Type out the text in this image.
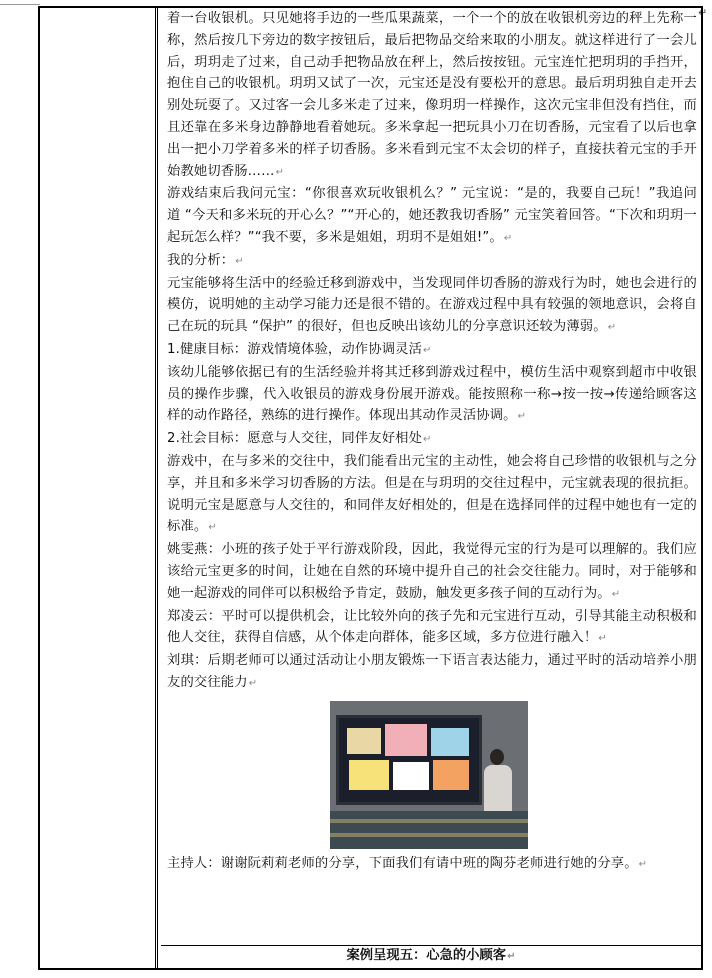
↵

着一台收银机。只见她将手边的一些瓜果蔬菜，一个一个的放在收银机旁边的秤上先称一称，然后按几下旁边的数字按钮后，最后把物品交给来取的小朋友。就这样进行了一会儿后，玥玥走了过来，自己动手把物品放在秤上，然后按按钮。元宝连忙把玥玥的手挡开，抱住自己的收银机。玥玥又试了一次，元宝还是没有要松开的意思。最后玥玥独自走开去别处玩耍了。又过客一会儿多米走了过来，像玥玥一样操作，这次元宝非但没有挡住，而且还靠在多米身边静静地看着她玩。多米拿起一把玩具小刀在切香肠，元宝看了以后也拿出一把小刀学着多米的样子切香肠。多米看到元宝不太会切的样子，直接扶着元宝的手开始教她切香肠……↵

游戏结束后我问元宝：“你很喜欢玩收银机么？” 元宝说：“是的，我要自己玩！”我追问道 “今天和多米玩的开心么？”“开心的，她还教我切香肠” 元宝笑着回答。“下次和玥玥一起玩怎么样？”“我不要，多米是姐姐，玥玥不是姐姐!”。↵

我的分析：↵

元宝能够将生活中的经验迁移到游戏中，当发现同伴切香肠的游戏行为时，她也会进行的模仿，说明她的主动学习能力还是很不错的。在游戏过程中具有较强的领地意识，会将自己在玩的玩具 “保护” 的很好，但也反映出该幼儿的分享意识还较为薄弱。↵

1.健康目标：游戏情境体验，动作协调灵活↵

该幼儿能够依据已有的生活经验并将其迁移到游戏过程中，模仿生活中观察到超市中收银员的操作步骤，代入收银员的游戏身份展开游戏。能按照称一称→按一按→传递给顾客这样的动作路径，熟练的进行操作。体现出其动作灵活协调。↵

2.社会目标：愿意与人交往，同伴友好相处↵

游戏中，在与多米的交往中，我们能看出元宝的主动性，她会将自己珍惜的收银机与之分享，并且和多米学习切香肠的方法。但是在与玥玥的交往过程中，元宝就表现的很抗拒。说明元宝是愿意与人交往的，和同伴友好相处的，但是在选择同伴的过程中她也有一定的标准。↵

姚雯燕：小班的孩子处于平行游戏阶段，因此，我觉得元宝的行为是可以理解的。我们应该给元宝更多的时间，让她在自然的环境中提升自己的社会交往能力。同时，对于能够和她一起游戏的同伴可以积极给予肯定，鼓励，触发更多孩子间的互动行为。↵

郑凌云：平时可以提供机会，让比较外向的孩子先和元宝进行互动，引导其能主动积极和他人交往，获得自信感，从个体走向群体，能多区域，多方位进行融入！↵

刘琪：后期老师可以通过活动让小朋友锻炼一下语言表达能力，通过平时的活动培养小朋友的交往能力↵

主持人：谢谢阮莉莉老师的分享，下面我们有请中班的陶芬老师进行她的分享。↵

案例呈现五：心急的小顾客↵
